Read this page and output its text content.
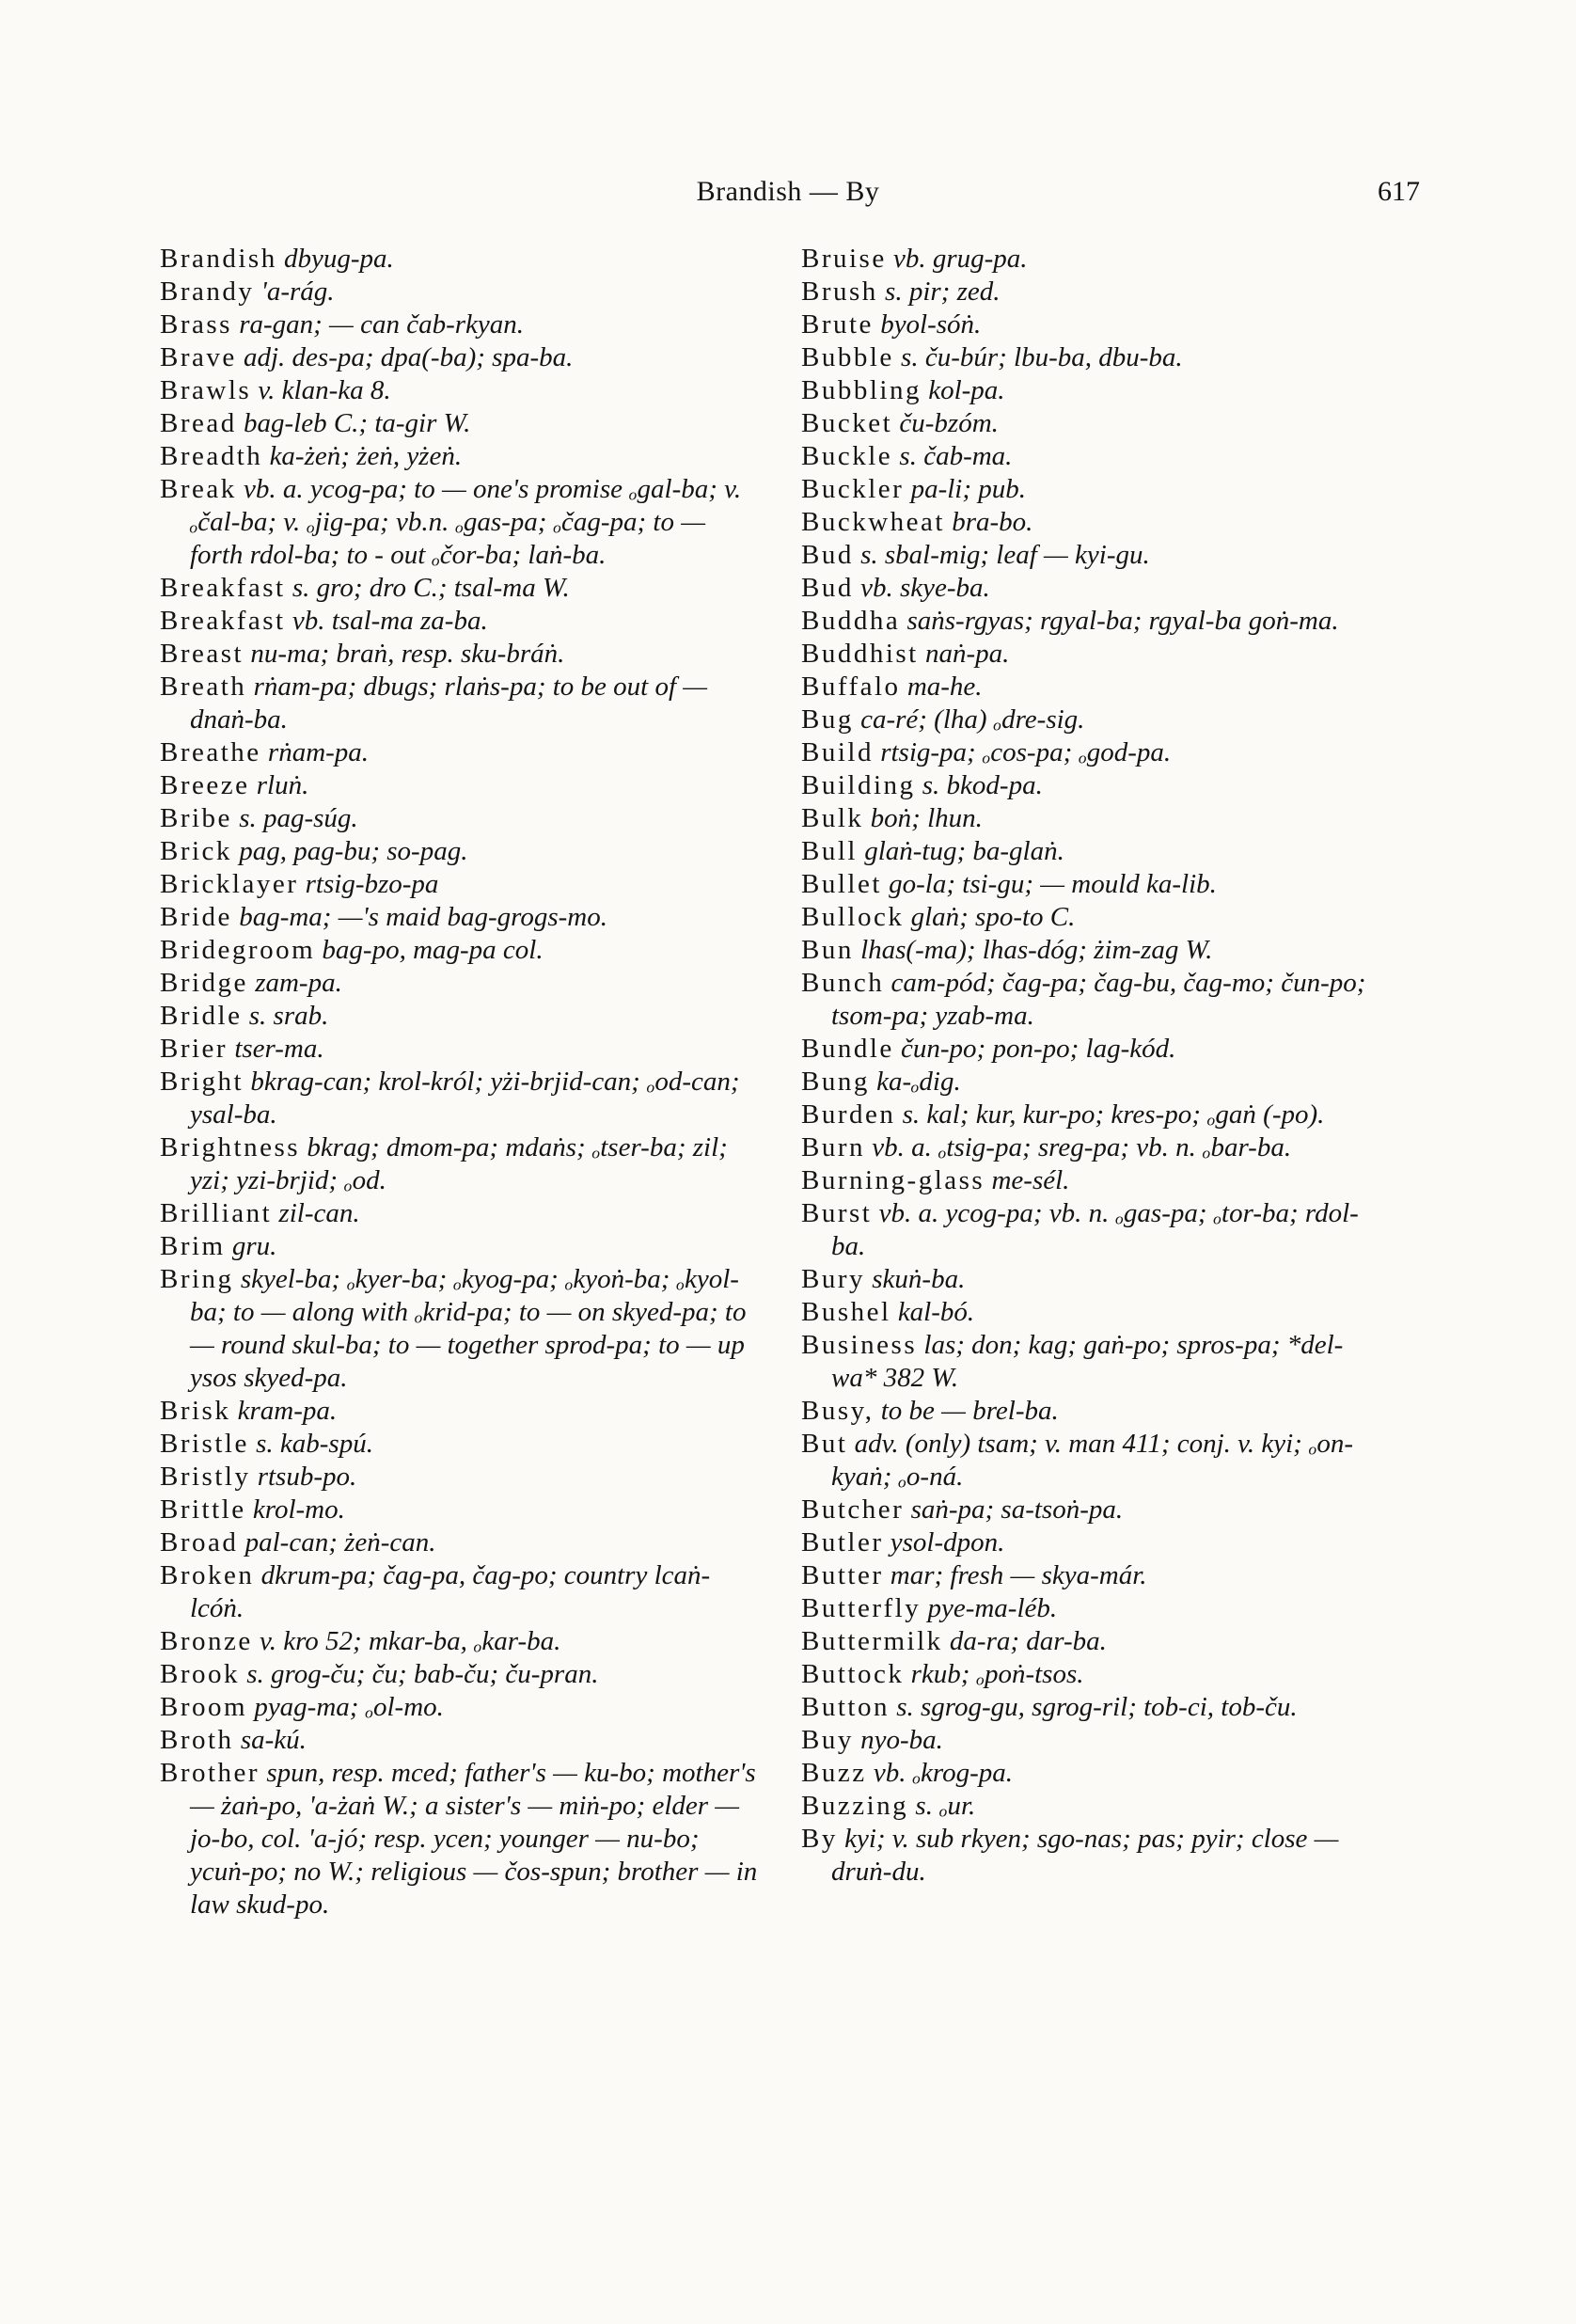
Brandish — By	617
Brandish dbyug-pa.
Brandy 'a-rág.
Brass ra-gan; — can čab-rkyan.
Brave adj. des-pa; dpa(-ba); spa-ba.
Brawls v. klan-ka 8.
Bread bag-leb C.; ta-gir W.
Breadth ka-żeṅ; żeṅ, yżeṅ.
Break vb. a. ycog-pa; to — one's promise ₒgal-ba; v. ₒčal-ba; v. ₒjig-pa; vb.n. ₒgas-pa; ₒčag-pa; to — forth rdol-ba; to - out ₒčor-ba; laṅ-ba.
Breakfast s. gro; dro C.; tsal-ma W.
Breakfast vb. tsal-ma za-ba.
Breast nu-ma; braṅ, resp. sku-bráṅ.
Breath rṅam-pa; dbugs; rlaṅs-pa; to be out of — dnaṅ-ba.
Breathe rṅam-pa.
Breeze rluṅ.
Bribe s. pag-súg.
Brick pag, pag-bu; so-pag.
Bricklayer rtsig-bzo-pa
Bride bag-ma; —'s maid bag-grogs-mo.
Bridegroom bag-po, mag-pa col.
Bridge zam-pa.
Bridle s. srab.
Brier tser-ma.
Bright bkrag-can; krol-król; yżi-brjid-can; ₒod-can; ysal-ba.
Brightness bkrag; dmom-pa; mdaṅs; ₒtser-ba; zil; yzi; yzi-brjid; ₒod.
Brilliant zil-can.
Brim gru.
Bring skyel-ba; ₒkyer-ba; ₒkyog-pa; ₒkyoṅ-ba; ₒkyol-ba; to — along with ₒkrid-pa; to — on skyed-pa; to — round skul-ba; to — together sprod-pa; to — up ysos skyed-pa.
Brisk kram-pa.
Bristle s. kab-spú.
Bristly rtsub-po.
Brittle krol-mo.
Broad pal-can; żeṅ-can.
Broken dkrum-pa; čag-pa, čag-po; country lcaṅ-lcóṅ.
Bronze v. kro 52; mkar-ba, ₒkar-ba.
Brook s. grog-ču; ču; bab-ču; ču-pran.
Broom pyag-ma; ₒol-mo.
Broth sa-kú.
Brother spun, resp. mced; father's — ku-bo; mother's — żaṅ-po, 'a-żaṅ W.; a sister's — miṅ-po; elder — jo-bo, col. 'a-jó; resp. ycen; younger — nu-bo; ycuṅ-po; no W.; religious — čos-spun; brother — in law skud-po.
Bruise vb. grug-pa.
Brush s. pir; zed.
Brute byol-sóṅ.
Bubble s. ču-búr; lbu-ba, dbu-ba.
Bubbling kol-pa.
Bucket ču-bzóm.
Buckle s. čab-ma.
Buckler pa-li; pub.
Buckwheat bra-bo.
Bud s. sbal-mig; leaf — kyi-gu.
Bud vb. skye-ba.
Buddha saṅs-rgyas; rgyal-ba; rgyal-ba goṅ-ma.
Buddhist naṅ-pa.
Buffalo ma-he.
Bug ca-ré; (lha) ₒdre-sig.
Build rtsig-pa; ₒcos-pa; ₒgod-pa.
Building s. bkod-pa.
Bulk boṅ; lhun.
Bull glaṅ-tug; ba-glaṅ.
Bullet go-la; tsi-gu; — mould ka-lib.
Bullock glaṅ; spo-to C.
Bun lhas(-ma); lhas-dóg; żim-zag W.
Bunch cam-pód; čag-pa; čag-bu, čag-mo; čun-po; tsom-pa; yzab-ma.
Bundle čun-po; pon-po; lag-kód.
Bung ka-ₒdig.
Burden s. kal; kur, kur-po; kres-po; ₒgaṅ (-po).
Burn vb. a. ₒtsig-pa; sreg-pa; vb. n. ₒbar-ba.
Burning-glass me-sél.
Burst vb. a. ycog-pa; vb. n. ₒgas-pa; ₒtor-ba; rdol-ba.
Bury skuṅ-ba.
Bushel kal-bó.
Business las; don; kag; gaṅ-po; spros-pa; *del-wa* 382 W.
Busy, to be — brel-ba.
But adv. (only) tsam; v. man 411; conj. v. kyi; ₒon-kyaṅ; ₒo-ná.
Butcher saṅ-pa; sa-tsoṅ-pa.
Butler ysol-dpon.
Butter mar; fresh — skya-már.
Butterfly pye-ma-léb.
Buttermilk da-ra; dar-ba.
Buttock rkub; ₒpoṅ-tsos.
Button s. sgrog-gu, sgrog-ril; tob-ci, tob-ču.
Buy nyo-ba.
Buzz vb. ₒkrog-pa.
Buzzing s. ₒur.
By kyi; v. sub rkyen; sgo-nas; pas; pyir; close — druṅ-du.
